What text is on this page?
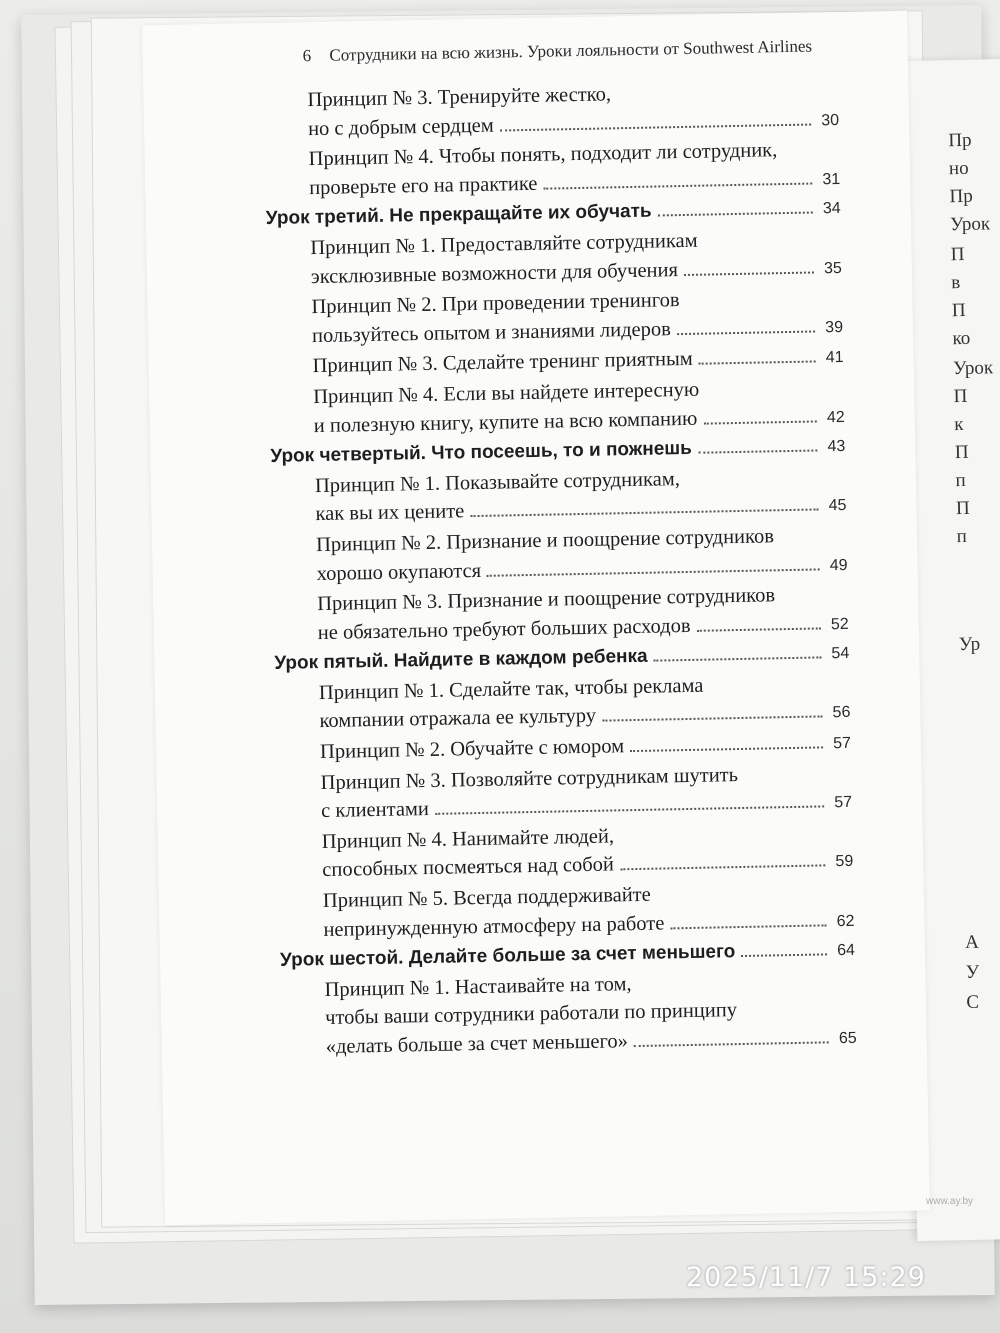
Пр
но
Пр
Урок
П
в
П
ко
Урок
П
к
П
п
П
п
Ур
А
У
С
6 Сотрудники на всю жизнь. Уроки лояльности от Southwest Airlines
Принцип № 3. Тренируйте жестко,
но с добрым сердцем	30
Принцип № 4. Чтобы понять, подходит ли сотрудник,
проверьте его на практике	31
Урок третий. Не прекращайте их обучать	34
Принцип № 1. Предоставляйте сотрудникам
эксклюзивные возможности для обучения	35
Принцип № 2. При проведении тренингов
пользуйтесь опытом и знаниями лидеров	39
Принцип № 3. Сделайте тренинг приятным	41
Принцип № 4. Если вы найдете интересную
и полезную книгу, купите на всю компанию	42
Урок четвертый. Что посеешь, то и пожнешь	43
Принцип № 1. Показывайте сотрудникам,
как вы их цените	45
Принцип № 2. Признание и поощрение сотрудников
хорошо окупаются	49
Принцип № 3. Признание и поощрение сотрудников
не обязательно требуют больших расходов	52
Урок пятый. Найдите в каждом ребенка	54
Принцип № 1. Сделайте так, чтобы реклама
компании отражала ее культуру	56
Принцип № 2. Обучайте с юмором	57
Принцип № 3. Позволяйте сотрудникам шутить
с клиентами	57
Принцип № 4. Нанимайте людей,
способных посмеяться над собой	59
Принцип № 5. Всегда поддерживайте
непринужденную атмосферу на работе	62
Урок шестой. Делайте больше за счет меньшего	64
Принцип № 1. Настаивайте на том,
чтобы ваши сотрудники работали по принципу
«делать больше за счет меньшего»	65
www.ay.by
2025/11/7 15:29
